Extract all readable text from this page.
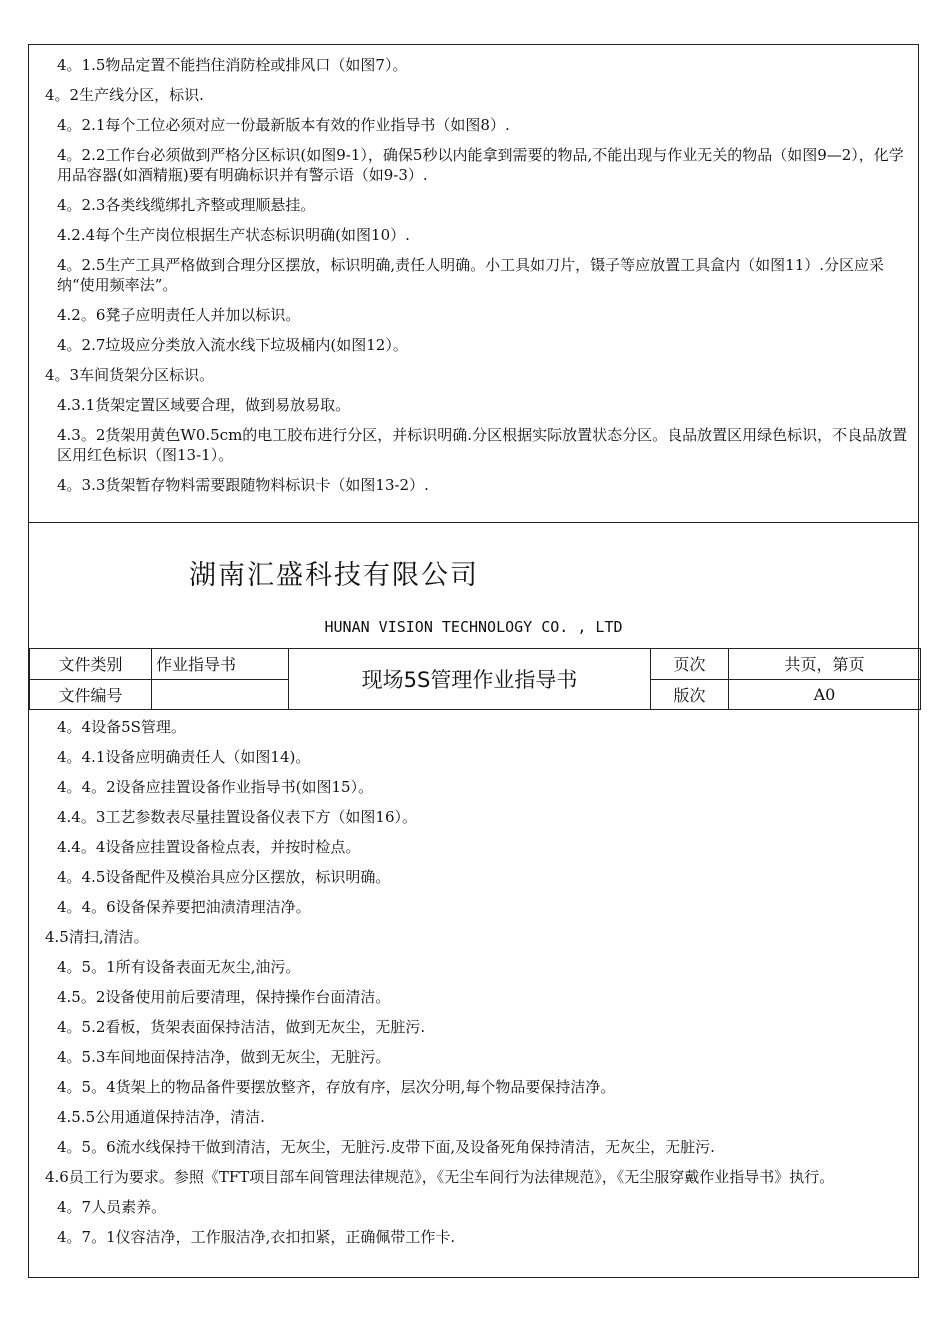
4。1.5物品定置不能挡住消防栓或排风口（如图7）。

4。2生产线分区，标识.

4。2.1每个工位必须对应一份最新版本有效的作业指导书（如图8）.

4。2.2工作台必须做到严格分区标识(如图9-1），确保5秒以内能拿到需要的物品,不能出现与作业无关的物品（如图9—2），化学用品容器(如酒精瓶)要有明确标识并有警示语（如9-3）.

4。2.3各类线缆绑扎齐整或理顺悬挂。

4.2.4每个生产岗位根据生产状态标识明确(如图10）.

4。2.5生产工具严格做到合理分区摆放，标识明确,责任人明确。小工具如刀片，镊子等应放置工具盒内（如图11）.分区应采纳“使用频率法”。

4.2。6凳子应明责任人并加以标识。

4。2.7垃圾应分类放入流水线下垃圾桶内(如图12）。

4。3车间货架分区标识。

4.3.1货架定置区域要合理，做到易放易取。

4.3。2货架用黄色W0.5cm的电工胶布进行分区，并标识明确.分区根据实际放置状态分区。良品放置区用绿色标识，不良品放置区用红色标识（图13-1）。

4。3.3货架暂存物料需要跟随物料标识卡（如图13-2）.

湖南汇盛科技有限公司
HUNAN VISION TECHNOLOGY CO. , LTD
文件类别	作业指导书	现场5S管理作业指导书	页次	共页，第页
文件编号			版次	A0

4。4设备5S管理。

4。4.1设备应明确责任人（如图14)。

4。4。2设备应挂置设备作业指导书(如图15）。

4.4。3工艺参数表尽量挂置设备仪表下方（如图16）。

4.4。4设备应挂置设备检点表，并按时检点。

4。4.5设备配件及模治具应分区摆放，标识明确。

4。4。6设备保养要把油渍清理洁净。

4.5清扫,清洁。

4。5。1所有设备表面无灰尘,油污。

4.5。2设备使用前后要清理，保持操作台面清洁。

4。5.2看板，货架表面保持洁洁，做到无灰尘，无脏污.

4。5.3车间地面保持洁净，做到无灰尘，无脏污。

4。5。4货架上的物品备件要摆放整齐，存放有序，层次分明,每个物品要保持洁净。

4.5.5公用通道保持洁净，清洁.

4。5。6流水线保持干做到清洁，无灰尘，无脏污.皮带下面,及设备死角保持清洁，无灰尘，无脏污.

4.6员工行为要求。参照《TFT项目部车间管理法律规范》，《无尘车间行为法律规范》，《无尘服穿戴作业指导书》执行。

4。7人员素养。

4。7。1仪容洁净，工作服洁净,衣扣扣紧，正确佩带工作卡.
